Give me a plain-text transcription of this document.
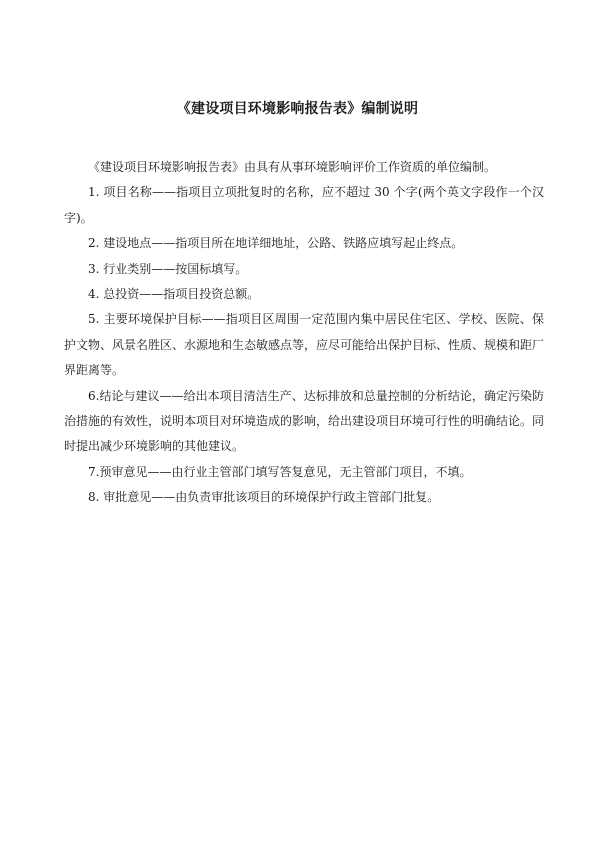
《建设项目环境影响报告表》编制说明

《建设项目环境影响报告表》由具有从事环境影响评价工作资质的单位编制。

1. 项目名称——指项目立项批复时的名称，应不超过 30 个字(两个英文字段作一个汉字)。

2. 建设地点——指项目所在地详细地址，公路、铁路应填写起止终点。

3. 行业类别——按国标填写。

4. 总投资——指项目投资总额。

5. 主要环境保护目标——指项目区周围一定范围内集中居民住宅区、学校、医院、保护文物、风景名胜区、水源地和生态敏感点等，应尽可能给出保护目标、性质、规模和距厂界距离等。

6.结论与建议——给出本项目清洁生产、达标排放和总量控制的分析结论，确定污染防治措施的有效性，说明本项目对环境造成的影响，给出建设项目环境可行性的明确结论。同时提出减少环境影响的其他建议。

7.预审意见——由行业主管部门填写答复意见，无主管部门项目，不填。

8. 审批意见——由负责审批该项目的环境保护行政主管部门批复。
